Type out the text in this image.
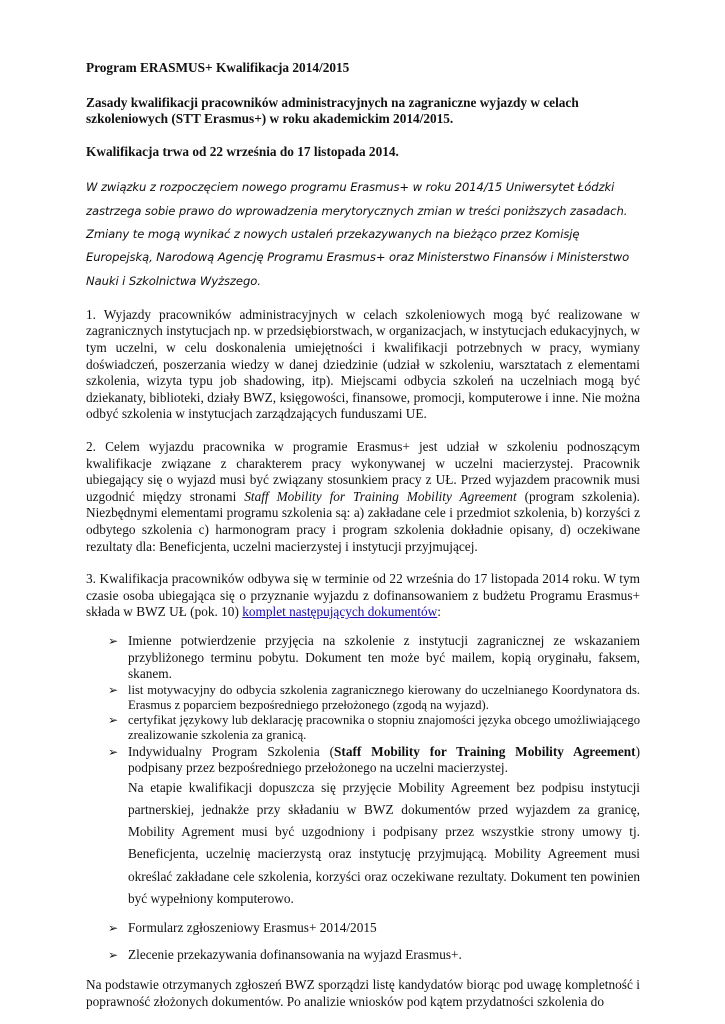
Program ERASMUS+ Kwalifikacja 2014/2015

Zasady kwalifikacji pracowników administracyjnych na zagraniczne wyjazdy w celach szkoleniowych (STT Erasmus+) w roku akademickim 2014/2015.

Kwalifikacja trwa od 22 września do 17 listopada 2014.

W związku z rozpoczęciem nowego programu Erasmus+ w roku 2014/15 Uniwersytet Łódzki zastrzega sobie prawo do wprowadzenia merytorycznych zmian w treści poniższych zasadach. Zmiany te mogą wynikać z nowych ustaleń przekazywanych na bieżąco przez Komisję Europejską, Narodową Agencję Programu Erasmus+ oraz Ministerstwo Finansów i Ministerstwo Nauki i Szkolnictwa Wyższego.

1. Wyjazdy pracowników administracyjnych w celach szkoleniowych mogą być realizowane w zagranicznych instytucjach np. w przedsiębiorstwach, w organizacjach, w instytucjach edukacyjnych, w tym uczelni, w celu doskonalenia umiejętności i kwalifikacji potrzebnych w pracy, wymiany doświadczeń, poszerzania wiedzy w danej dziedzinie (udział w szkoleniu, warsztatach z elementami szkolenia, wizyta typu job shadowing, itp). Miejscami odbycia szkoleń na uczelniach mogą być dziekanaty, biblioteki, działy BWZ, księgowości, finansowe, promocji, komputerowe i inne. Nie można odbyć szkolenia w instytucjach zarządzających funduszami UE.

2. Celem wyjazdu pracownika w programie Erasmus+ jest udział w szkoleniu podnoszącym kwalifikacje związane z charakterem pracy wykonywanej w uczelni macierzystej. Pracownik ubiegający się o wyjazd musi być związany stosunkiem pracy z UŁ. Przed wyjazdem pracownik musi uzgodnić między stronami Staff Mobility for Training Mobility Agreement (program szkolenia). Niezbędnymi elementami programu szkolenia są: a) zakładane cele i przedmiot szkolenia, b) korzyści z odbytego szkolenia c) harmonogram pracy i program szkolenia dokładnie opisany, d) oczekiwane rezultaty dla: Beneficjenta, uczelni macierzystej i instytucji przyjmującej.

3. Kwalifikacja pracowników odbywa się w terminie od 22 września do 17 listopada 2014 roku. W tym czasie osoba ubiegająca się o przyznanie wyjazdu z dofinansowaniem z budżetu Programu Erasmus+ składa w BWZ UŁ (pok. 10) komplet następujących dokumentów:

➢ Imienne potwierdzenie przyjęcia na szkolenie z instytucji zagranicznej ze wskazaniem przybliżonego terminu pobytu. Dokument ten może być mailem, kopią oryginału, faksem, skanem.
➢ list motywacyjny do odbycia szkolenia zagranicznego kierowany do uczelnianego Koordynatora ds. Erasmus z poparciem bezpośredniego przełożonego (zgodą na wyjazd).
➢ certyfikat językowy lub deklarację pracownika o stopniu znajomości języka obcego umożliwiającego zrealizowanie szkolenia za granicą.
➢ Indywidualny Program Szkolenia (Staff Mobility for Training Mobility Agreement) podpisany przez bezpośredniego przełożonego na uczelni macierzystej.
Na etapie kwalifikacji dopuszcza się przyjęcie Mobility Agreement bez podpisu instytucji partnerskiej, jednakże przy składaniu w BWZ dokumentów przed wyjazdem za granicę, Mobility Agrement musi być uzgodniony i podpisany przez wszystkie strony umowy tj. Beneficjenta, uczelnię macierzystą oraz instytucję przyjmującą. Mobility Agreement musi określać zakładane cele szkolenia, korzyści oraz oczekiwane rezultaty. Dokument ten powinien być wypełniony komputerowo.
➢ Formularz zgłoszeniowy Erasmus+ 2014/2015
➢ Zlecenie przekazywania dofinansowania na wyjazd Erasmus+.

Na podstawie otrzymanych zgłoszeń BWZ sporządzi listę kandydatów biorąc pod uwagę kompletność i poprawność złożonych dokumentów. Po analizie wniosków pod kątem przydatności szkolenia do
